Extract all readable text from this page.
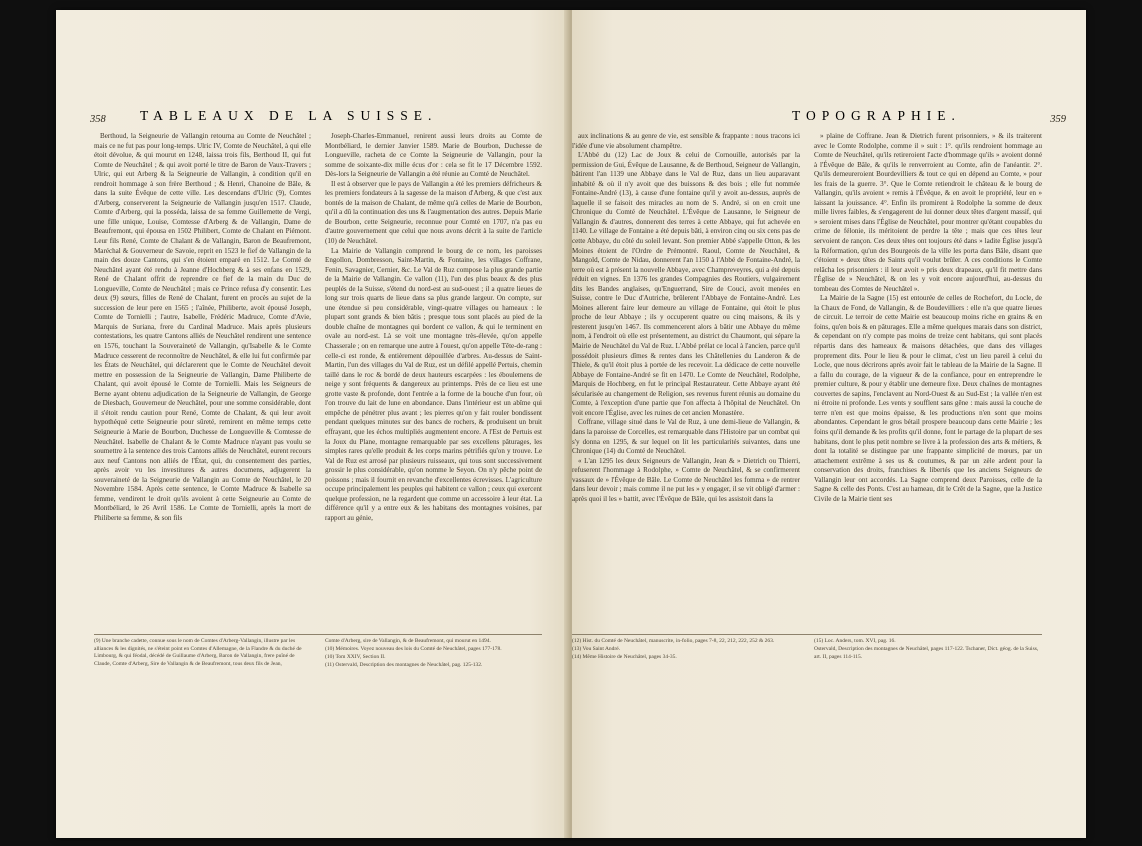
358	TABLEAUX DE LA SUISSE.

Berthoud, la Seigneurie de Vallangin retourna au Comte de Neuchâtel ; mais ce ne fut pas pour long-temps. Ulric IV, Comte de Neuchâtel, à qui elle étoit dévolue, & qui mourut en 1248, laissa trois fils, Berthoud II, qui fut Comte de Neuchâtel ; & qui avoit porté le titre de Baron de Vaux-Travers ; Ulric, qui eut Arberg & la Seigneurie de Vallangin, à condition qu'il en rendroit hommage à son frère Berthoud ; & Henri, Chanoine de Bâle, & dans la suite Évêque de cette ville. Les descendans d'Ulric (9), Comtes d'Arberg, conserverent la Seigneurie de Vallangin jusqu'en 1517. Claude, Comte d'Arberg, qui la posséda, laissa de sa femme Guillemette de Vergi, une fille unique, Louise, Comtesse d'Arberg & de Vallangin, Dame de Beaufremont, qui épousa en 1502 Philibert, Comte de Chalant en Piémont. Leur fils René, Comte de Chalant & de Vallangin, Baron de Beaufremont, Maréchal & Gouverneur de Savoie, reprit en 1523 le fief de Vallangin de la main des douze Cantons, qui s'en étoient emparé en 1512. Le Comté de Neuchâtel ayant été rendu à Jeanne d'Hochberg & à ses enfans en 1529, René de Chalant offrit de reprendre ce fief de la main du Duc de Longueville, Comte de Neuchâtel ; mais ce Prince refusa d'y consentir. Les deux (9) sœurs, filles de René de Chalant, furent en procès au sujet de la succession de leur pere en 1565 ; l'aînée, Philiberte, avoit épousé Joseph, Comte de Tornielli ; l'autre, Isabelle, Frédéric Madruce, Comte d'Avie, Marquis de Suriana, frere du Cardinal Madruce. Mais après plusieurs contestations, les quatre Cantons alliés de Neuchâtel rendirent une sentence en 1576, touchant la Souveraineté de Vallangin, qu'Isabelle & le Comte Madruce cesserent de reconnoître de Neuchâtel, & elle lui fut confirmée par les États de Neuchâtel, qui déclarerent que le Comte de Neuchâtel devoit mettre en possession de la Seigneurie de Vallangin, Dame Philiberte de Chalant, qui avoit épousé le Comte de Tornielli. Mais les Seigneurs de Berne ayant obtenu adjudication de la Seigneurie de Vallangin, de George de Diesbach, Gouverneur de Neuchâtel, pour une somme considérable, dont il s'étoit rendu caution pour René, Comte de Chalant, & qui leur avoit hypothéqué cette Seigneurie pour sûreté, remirent en même temps cette Seigneurie à Marie de Bourbon, Duchesse de Longueville & Comtesse de Neuchâtel. Isabelle de Chalant & le Comte Madruce n'ayant pas voulu se soumettre à la sentence des trois Cantons alliés de Neuchâtel, eurent recours aux neuf Cantons non alliés de l'État, qui, du consentement des parties, après avoir vu les investitures & autres documens, adjugerent la souveraineté de la Seigneurie de Vallangin au Comte de Neuchâtel, le 20 Novembre 1584. Après cette sentence, le Comte Madruce & Isabelle sa femme, vendirent le droit qu'ils avoient à cette Seigneurie au Comte de Montbéliard, le 26 Avril 1586. Le Comte de Tornielli, après la mort de Philiberte sa femme, & son fils

Joseph-Charles-Emmanuel, renirent aussi leurs droits au Comte de Montbéliard, le dernier Janvier 1589. Marie de Bourbon, Duchesse de Longueville, racheta de ce Comte la Seigneurie de Vallangin, pour la somme de soixante-dix mille écus d'or : cela se fit le 17 Décembre 1592. Dès-lors la Seigneurie de Vallangin a été réunie au Comté de Neuchâtel.

Il est à observer que le pays de Vallangin a été les premiers défricheurs & les premiers fondateurs à la sagesse de la maison d'Arberg, & que c'est aux bontés de la maison de Chalant, de même qu'à celles de Marie de Bourbon, qu'il a dû la continuation des uns & l'augmentation des autres. Depuis Marie de Bourbon, cette Seigneurie, reconnue pour Comté en 1707, n'a pas eu d'autre gouvernement que celui que nous avons décrit à la suite de l'article (10) de Neuchâtel.

La Mairie de Vallangin comprend le bourg de ce nom, les paroisses Engollon, Dombresson, Saint-Martin, & Fontaine, les villages Coffrane, Fenin, Savagnier, Cernier, &c. Le Val de Ruz compose la plus grande partie de la Mairie de Vallangin. Ce vallon (11), l'un des plus beaux & des plus peuplés de la Suisse, s'étend du nord-est au sud-ouest ; il a quatre lieues de long sur trois quarts de lieue dans sa plus grande largeur. On compte, sur une étendue si peu considérable, vingt-quatre villages ou hameaux : le plupart sont grands & bien bâtis ; presque tous sont placés au pied de la double chaîne de montagnes qui bordent ce vallon, & qui le terminent en ovale au nord-est. Là se voit une montagne très-élevée, qu'on appelle Chasserale ; on en remarque une autre à l'ouest, qu'on appelle Tête-de-rang : celle-ci est ronde, & entièrement dépouillée d'arbres. Au-dessus de Saint-Martin, l'un des villages du Val de Ruz, est un défilé appellé Pertuis, chemin taillé dans le roc & bordé de deux hauteurs escarpées : les éboulemens de neige y sont fréquents & dangereux au printemps. Près de ce lieu est une grotte vaste & profonde, dont l'entrée a la forme de la bouche d'un four, où l'on trouve du lait de lune en abondance. Dans l'intérieur est un abîme qui empêche de pénétrer plus avant ; les pierres qu'on y fait rouler bondissent pendant quelques minutes sur des bancs de rochers, & produisent un bruit effrayant, que les échos multipliés augmentent encore. A l'Est de Pertuis est la Joux du Plane, montagne remarquable par ses excellens pâturages, les simples rares qu'elle produit & les corps marins pétrifiés qu'on y trouve. Le Val de Ruz est arrosé par plusieurs ruisseaux, qui tous sont successivement grossir le plus considérable, qu'on nomme le Seyon. On n'y pêche point de poissons ; mais il fournit en revanche d'excellentes écrevisses. L'agriculture occupe principalement les peuples qui habitent ce vallon ; ceux qui exercent quelque profession, ne la regardent que comme un accessoire à leur état. La différence qu'il y a entre eux & les habitans des montagnes voisines, par rapport au génie,

(9) Une branche cadette, connue sous le nom de Comtes d'Arberg-Vallangin, illustre par les alliances & les dignités, ne s'éteint point en Comtes d'Allemagne, de la Flandre & du duché de Limbourg, & qui féodal, décédé de Guillaume d'Arberg, Baron de Vallangin, frere puîné de Claude, Comte d'Arberg, Sire de Vallangin & de Beaufremont, tous deux fils de Jean,
Comte d'Arberg, sire de Vallangin, & de Beaufremont, qui mourut en 1494.
(10) Mémoires. Voyez nouveau des lois du Comté de Neuchâtel, pages 177-178.
(10) Tom XXIV, Section II.
(11) Ostervald, Description des montagnes de Neuchâtel, pag. 125-132.
TOPOGRAPHIE.	359

aux inclinations & au genre de vie, est sensible & frappante : nous tracons ici l'idée d'une vie absolument champêtre.

L'Abbé du (12) Lac de Joux & celui de Cornouille, autorisés par la permission de Gui, Évêque de Lausanne, & de Berthoud, Seigneur de Vallangin, bâtirent l'an 1139 une Abbaye dans le Val de Ruz, dans un lieu auparavant inhabité & où il n'y avoit que des buissons & des bois ; elle fut nommée Fontaine-André (13), à cause d'une fontaine qu'il y avoit au-dessus, auprès de laquelle il se faisoit des miracles au nom de S. André, si on en croit une Chronique du Comté de Neuchâtel. L'Évêque de Lausanne, le Seigneur de Vallangin & d'autres, donnerent des terres à cette Abbaye, qui fut achevée en 1140. Le village de Fontaine a été depuis bâti, à environ cinq ou six cens pas de cette Abbaye, du côté du soleil levant. Son premier Abbé s'appelle Otton, & les Moines étoient de l'Ordre de Prémontré. Raoul, Comte de Neuchâtel, & Mangold, Comte de Nidau, donnerent l'an 1150 à l'Abbé de Fontaine-André, la terre où est à présent la nouvelle Abbaye, avec Champreveyres, qui a été depuis réduit en vignes. En 1376 les grandes Compagnies des Routiers, vulgairement dits les Bandes anglaises, qu'Enguerrand, Sire de Couci, avoit menées en Suisse, contre le Duc d'Autriche, brûlerent l'Abbaye de Fontaine-André. Les Moines allerent faire leur demeure au village de Fontaine, qui étoit le plus proche de leur Abbaye ; ils y occuperent quatre ou cinq maisons, & ils y resterent jusqu'en 1467. Ils commencerent alors à bâtir une Abbaye du même nom, à l'endroit où elle est présentement, au district du Chaumont, qui sépare la Mairie de Neuchâtel du Val de Ruz. L'Abbé prélat ce local à l'ancien, parce qu'il possédoit plusieurs dîmes & rentes dans les Châtellenies du Landeron & de Thiele, & qu'il étoit plus à portée de les recevoir. La dédicace de cette nouvelle Abbaye de Fontaine-André se fit en 1470. Le Comte de Neuchâtel, Rodolphe, Marquis de Hochberg, en fut le principal Restaurateur. Cette Abbaye ayant été sécularisée au changement de Religion, ses revenus furent réunis au domaine du Comte, à l'exception d'une partie que l'on affecta à l'hôpital de Neuchâtel. On voit encore l'Église, avec les ruines de cet ancien Monastère.

Coffrane, village situé dans le Val de Ruz, à une demi-lieue de Vallangin, & dans la paroisse de Corcelles, est remarquable dans l'Histoire par un combat qui s'y donna en 1295, & sur lequel on lit les particularités suivantes, dans une Chronique (14) du Comté de Neuchâtel.

« L'an 1295 les deux Seigneurs de Vallangin, Jean & » Dietrich ou Thierri, refuserent l'hommage à Rodolphe, » Comte de Neuchâtel, & se confirmerent vassaux de » l'Évêque de Bâle. Le Comte de Neuchâtel les fomma » de rentrer dans leur devoir ; mais comme il ne put les » y engager, il se vit obligé d'armer : après quoi il les » battit, avec l'Évêque de Bâle, qui les assistoit dans la

» plaine de Coffrane. Jean & Dietrich furent prisonniers, » & ils traiterent avec le Comte Rodolphe, comme il » suit : 1°. qu'ils rendroient hommage au Comte de Neuchâtel, qu'ils retireroient l'acte d'hommage qu'ils » avoient donné à l'Évêque de Bâle, & qu'ils le renverroient au Comte, afin de l'anéantir. 2°. Qu'ils demeureroient Bourdevilliers & tout ce qui en dépend au Comte, » pour les frais de la guerre. 3°. Que le Comte retiendroit le château & le bourg de Vallangin, qu'ils avoient » remis à l'Évêque, & en avoit le propriété, leur en » laissant la jouissance. 4°. Enfin ils promirent à Rodolphe la somme de deux mille livres faibles, & s'engagerent de lui donner deux têtes d'argent massif, qui » seroient mises dans l'Église de Neuchâtel, pour montrer qu'étant coupables du crime de félonie, ils méritoient de perdre la tête ; mais que ces têtes leur servoient de rançon. Ces deux têtes ont toujours été dans » ladite Église jusqu'à la Réformation, qu'un des Bourgeois de la ville les porta dans Bâle, disant que c'étoient » deux têtes de Saints qu'il voulut brûler. A ces conditions le Comte relâcha les prisonniers : il leur avoit » pris deux drapeaux, qu'il fit mettre dans l'Église de » Neuchâtel, & on les y voit encore aujourd'hui, au-dessus du tombeau des Comtes de Neuchâtel ».

La Mairie de la Sagne (15) est entourée de celles de Rochefort, du Locle, de la Chaux de Fond, de Vallangin, & de Boudevilliers : elle n'a que quatre lieues de circuit. Le terroir de cette Mairie est beaucoup moins riche en grains & en foins, qu'en bois & en pâturages. Elle a même quelques marais dans son district, & cependant on n'y compte pas moins de treize cent habitans, qui sont placés répartis dans des hameaux & maisons détachées, que dans des villages proprement dits. Pour le lieu & pour le climat, c'est un lieu pareil à celui du Locle, que nous décrirons après avoir fait le tableau de la Mairie de la Sagne. Il a fallu du courage, de la vigueur & de la confiance, pour en entreprendre le premier culture, & pour y établir une demeure fixe. Deux chaînes de montagnes couvertes de sapins, l'enclavent au Nord-Ouest & au Sud-Est ; la vallée n'en est ni étroite ni profonde. Les vents y soufflent sans gêne : mais aussi la couche de terre n'en est que moins épaisse, & les productions n'en sont que moins abondantes. Cependant le gros bétail prospere beaucoup dans cette Mairie ; les foins qu'il demande & les profits qu'il donne, font le partage de la plupart de ses habitans, dont le plus petit nombre se livre à la profession des arts & métiers, & dont la totalité se distingue par une frappante simplicité de mœurs, par un attachement extrême à ses us & coutumes, & par un zèle ardent pour la conservation des droits, franchises & libertés que les anciens Seigneurs de Vallangin leur ont accordés. La Sagne comprend deux Paroisses, celle de la Sagne & celle des Ponts. C'est au hameau, dit le Crêt de la Sagne, que la Justice Civile de la Mairie tient ses

(12) Hist. du Comté de Neuchâtel, manuscrite, in-folio, pages 7-8, 22, 212, 222, 252 & 263.
(13) Vou Saint André.
(14) Même Histoire de Neuchâtel, pages 34-35.
(15) Loc. Anders, tom. XVI, pag. 16.
Ostervald, Description des montagnes de Neuchâtel, pages 117-122. Tschaner, Dict. géog. de la Suiss, art. II, pages 114-115.
